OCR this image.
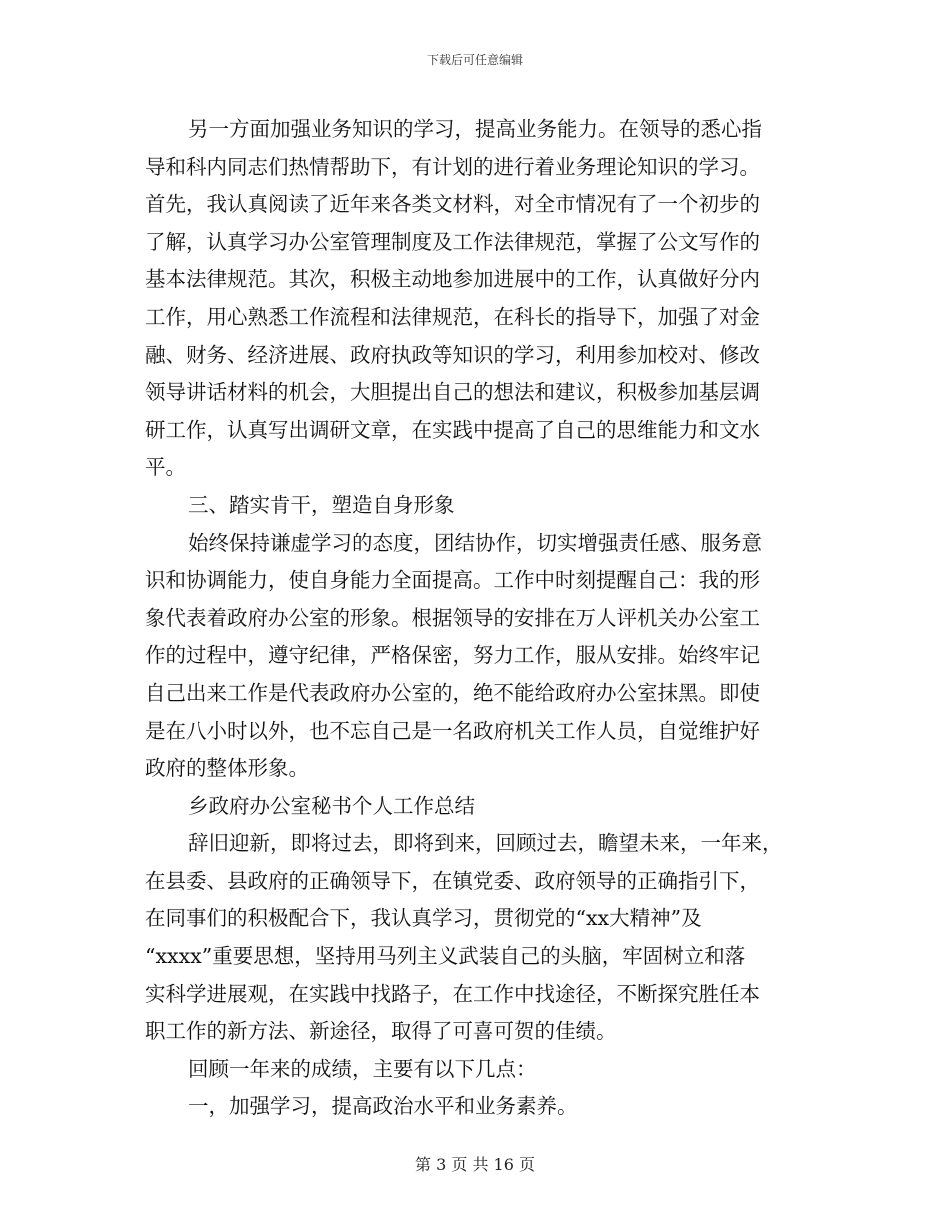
下载后可任意编辑
另一方面加强业务知识的学习，提高业务能力。在领导的悉心指
导和科内同志们热情帮助下，有计划的进行着业务理论知识的学习。
首先，我认真阅读了近年来各类文材料，对全市情况有了一个初步的
了解，认真学习办公室管理制度及工作法律规范，掌握了公文写作的
基本法律规范。其次，积极主动地参加进展中的工作，认真做好分内
工作，用心熟悉工作流程和法律规范，在科长的指导下，加强了对金
融、财务、经济进展、政府执政等知识的学习，利用参加校对、修改
领导讲话材料的机会，大胆提出自己的想法和建议，积极参加基层调
研工作，认真写出调研文章，在实践中提高了自己的思维能力和文水
平。
三、踏实肯干，塑造自身形象
始终保持谦虚学习的态度，团结协作，切实增强责任感、服务意
识和协调能力，使自身能力全面提高。工作中时刻提醒自己：我的形
象代表着政府办公室的形象。根据领导的安排在万人评机关办公室工
作的过程中，遵守纪律，严格保密，努力工作，服从安排。始终牢记
自己出来工作是代表政府办公室的，绝不能给政府办公室抹黑。即使
是在八小时以外，也不忘自己是一名政府机关工作人员，自觉维护好
政府的整体形象。
乡政府办公室秘书个人工作总结
辞旧迎新，即将过去，即将到来，回顾过去，瞻望未来，一年来，
在县委、县政府的正确领导下，在镇党委、政府领导的正确指引下，
在同事们的积极配合下，我认真学习，贯彻党的“xx大精神”及
“xxxx”重要思想，坚持用马列主义武装自己的头脑，牢固树立和落
实科学进展观，在实践中找路子，在工作中找途径，不断探究胜任本
职工作的新方法、新途径，取得了可喜可贺的佳绩。
回顾一年来的成绩，主要有以下几点：
一，加强学习，提高政治水平和业务素养。
第 3 页 共 16 页
